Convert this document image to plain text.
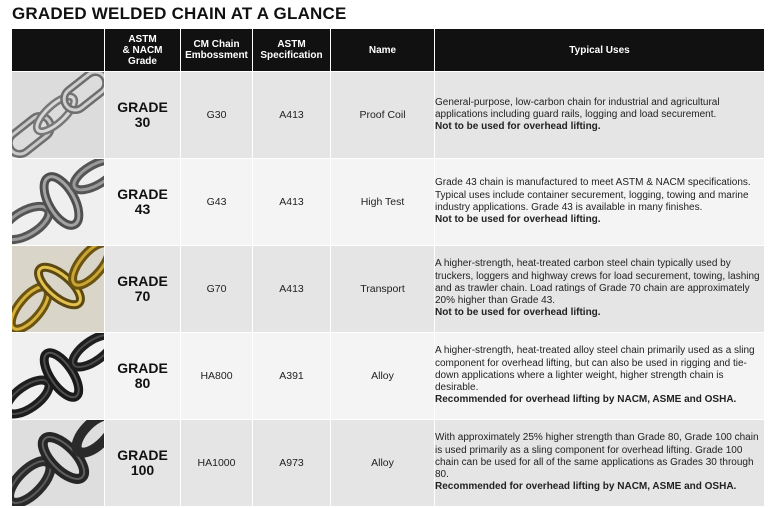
GRADED WELDED CHAIN AT A GLANCE
	ASTM
& NACM
Grade	CM Chain
Embossment	ASTM
Specification	Name	Typical Uses

	GRADE
30	G30	A413	Proof Coil	General-purpose, low-carbon chain for industrial and agricultural applications including guard rails, logging and load securement.
Not to be used for overhead lifting.

	GRADE
43	G43	A413	High Test	Grade 43 chain is manufactured to meet ASTM & NACM specifications. Typical uses include container securement, logging, towing and marine industry applications. Grade 43 is available in many finishes.
Not to be used for overhead lifting.

	GRADE
70	G70	A413	Transport	A higher-strength, heat-treated carbon steel chain typically used by truckers, loggers and highway crews for load securement, towing, lashing and as trawler chain. Load ratings of Grade 70 chain are approximately 20% higher than Grade 43.
Not to be used for overhead lifting.

	GRADE
80	HA800	A391	Alloy	A higher-strength, heat-treated alloy steel chain primarily used as a sling component for overhead lifting, but can also be used in rigging and tie-down applications where a lighter weight, higher strength chain is desirable.
Recommended for overhead lifting by NACM, ASME and OSHA.

	GRADE
100	HA1000	A973	Alloy	With approximately 25% higher strength than Grade 80, Grade 100 chain is used primarily as a sling component for overhead lifting. Grade 100 chain can be used for all of the same applications as Grades 30 through 80.
Recommended for overhead lifting by NACM, ASME and OSHA.
